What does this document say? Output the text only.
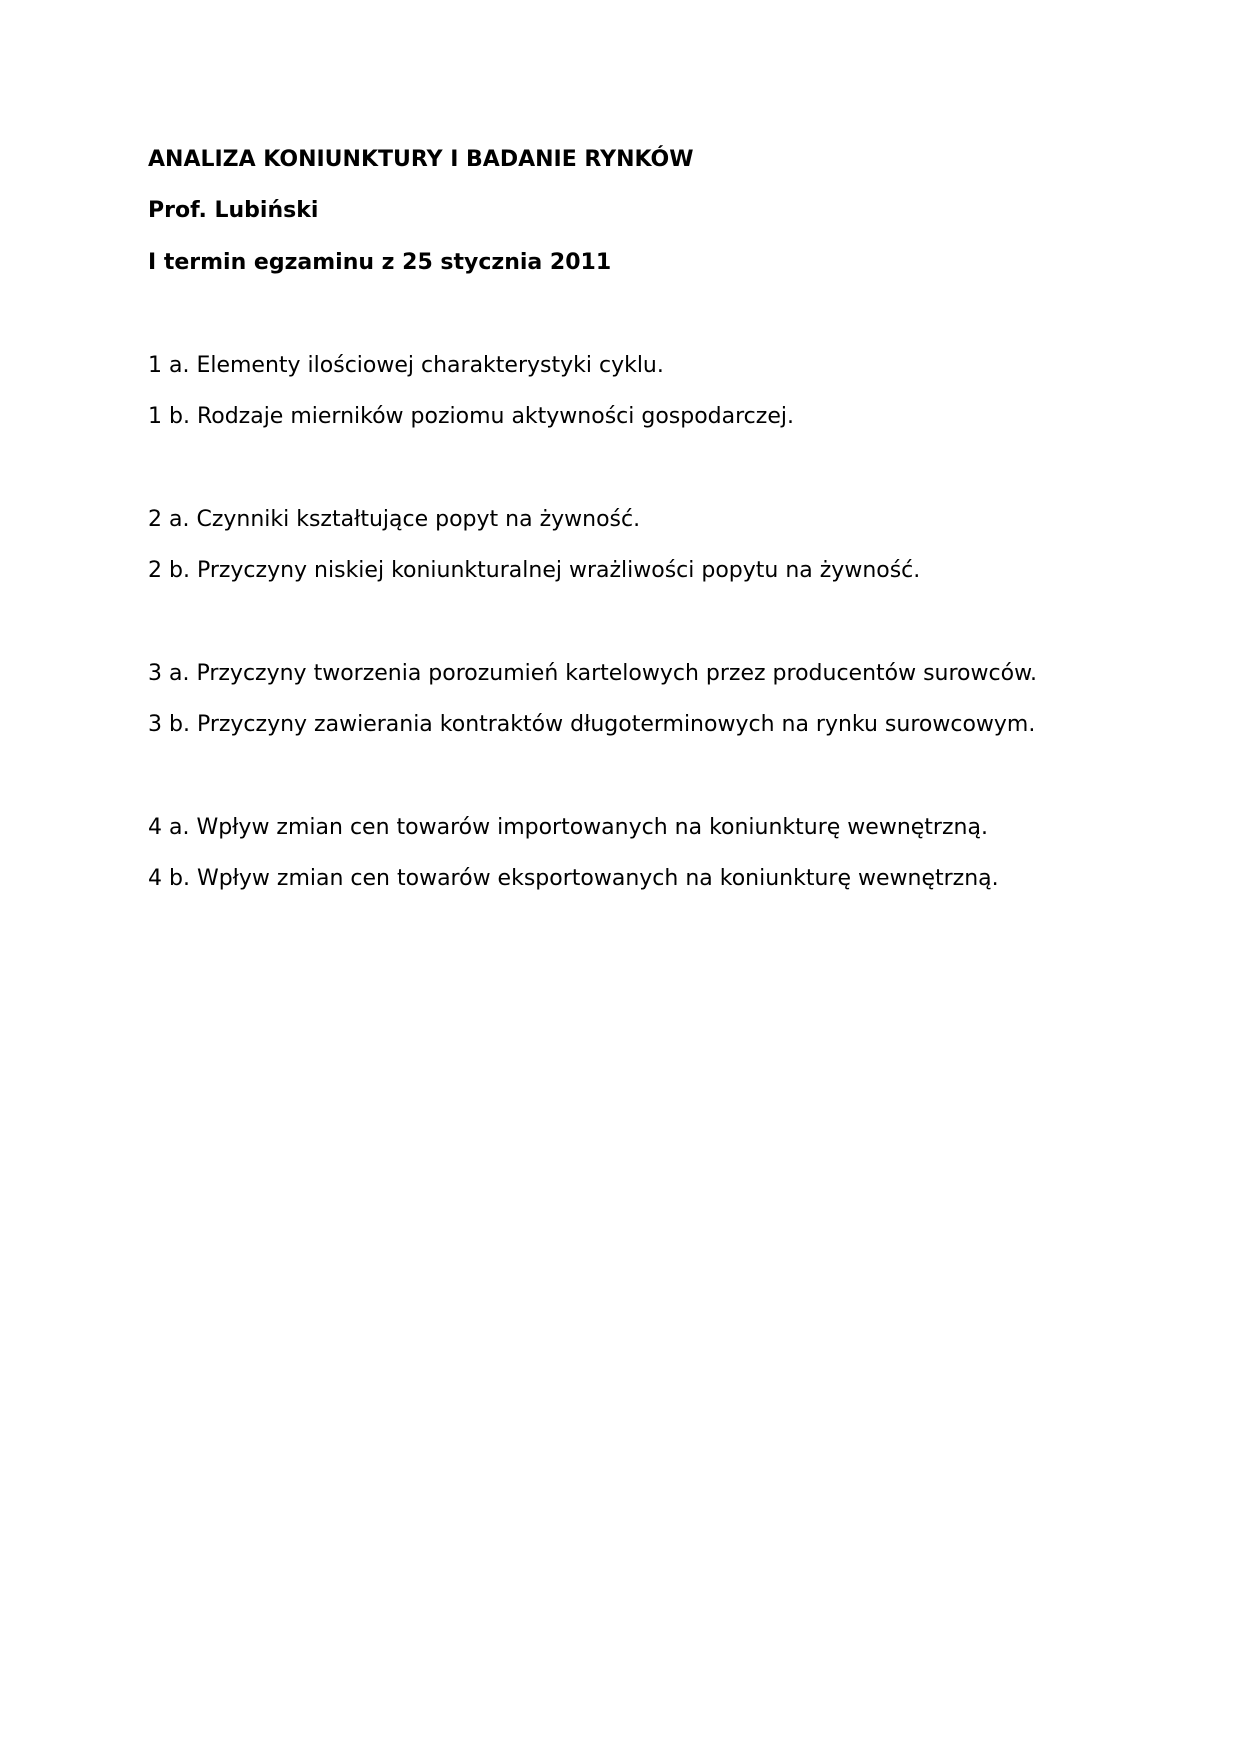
ANALIZA KONIUNKTURY I BADANIE RYNKÓW
Prof. Lubiński
I termin egzaminu z 25 stycznia 2011
1 a. Elementy ilościowej charakterystyki cyklu.
1 b. Rodzaje mierników poziomu aktywności gospodarczej.
2 a. Czynniki kształtujące popyt na żywność.
2 b. Przyczyny niskiej koniunkturalnej wrażliwości popytu na żywność.
3 a. Przyczyny tworzenia porozumień kartelowych przez producentów surowców.
3 b. Przyczyny zawierania kontraktów długoterminowych na rynku surowcowym.
4 a. Wpływ zmian cen towarów importowanych na koniunkturę wewnętrzną.
4 b. Wpływ zmian cen towarów eksportowanych na koniunkturę wewnętrzną.
